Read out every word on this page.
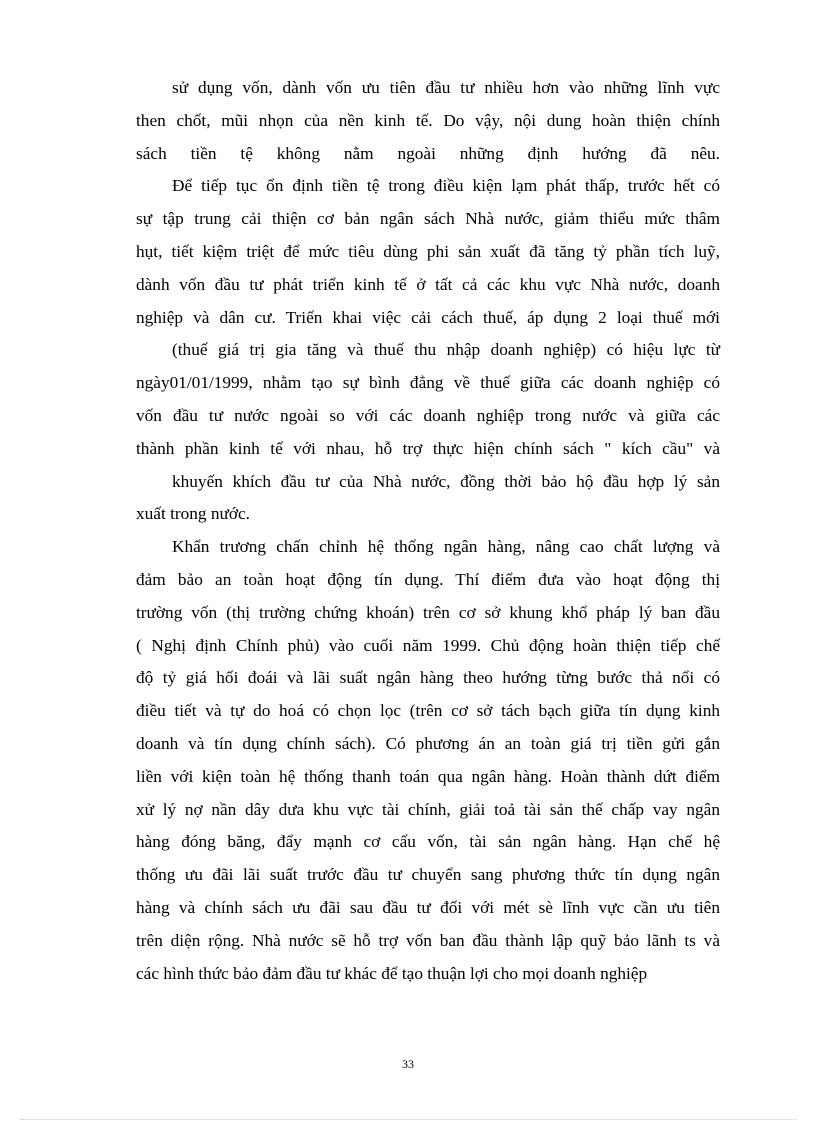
sử dụng vốn, dành vốn ưu tiên đầu tư nhiều hơn vào những lĩnh vực
then chốt, mũi nhọn của nền kinh tế. Do vậy, nội dung hoàn thiện chính
sách tiền tệ không nằm ngoài những định hướng đã nêu.
Để tiếp tục ổn định tiền tệ trong điều kiện lạm phát thấp, trước hết có
sự tập trung cải thiện cơ bản ngân sách Nhà nước, giảm thiểu mức thâm
hụt, tiết kiệm triệt để mức tiêu dùng phi sản xuất đã tăng tỷ phần tích luỹ,
dành vốn đầu tư phát triển kinh tế ở tất cả các khu vực Nhà nước, doanh
nghiệp và dân cư. Triển khai việc cải cách thuế, áp dụng 2 loại thuế mới
(thuế giá trị gia tăng và thuế thu nhập doanh nghiệp) có hiệu lực từ
ngày01/01/1999, nhằm tạo sự bình đẳng về thuế giữa các doanh nghiệp có
vốn đầu tư nước ngoài so với các doanh nghiệp trong nước và giữa các
thành phần kinh tế với nhau, hỗ trợ thực hiện chính sách " kích cầu" và
khuyến khích đầu tư của Nhà nước, đồng thời bảo hộ đầu hợp lý sản
xuất trong nước.
Khẩn trương chấn chỉnh hệ thống ngân hàng, nâng cao chất lượng và
đảm bảo an toàn hoạt động tín dụng. Thí điểm đưa vào hoạt động thị
trường vốn (thị trường chứng khoán) trên cơ sở khung khổ pháp lý ban đầu
( Nghị định Chính phủ) vào cuối năm 1999. Chủ động hoàn thiện tiếp chế
độ tỷ giá hối đoái và lãi suất ngân hàng theo hướng từng bước thả nổi có
điều tiết và tự do hoá có chọn lọc (trên cơ sở tách bạch giữa tín dụng kinh
doanh và tín dụng chính sách). Có phương án an toàn giá trị tiền gửi gắn
liền với kiện toàn hệ thống thanh toán qua ngân hàng. Hoàn thành dứt điểm
xử lý nợ nần dây dưa khu vực tài chính, giải toả tài sản thế chấp vay ngân
hàng đóng băng, đẩy mạnh cơ cấu vốn, tài sản ngân hàng. Hạn chế hệ
thống ưu đãi lãi suất trước đầu tư chuyển sang phương thức tín dụng ngân
hàng và chính sách ưu đãi sau đầu tư đối với mét sè lĩnh vực cần ưu tiên
trên diện rộng. Nhà nước sẽ hỗ trợ vốn ban đầu thành lập quỹ bảo lãnh ts và
các hình thức bảo đảm đầu tư khác để tạo thuận lợi cho mọi doanh nghiệp
33
